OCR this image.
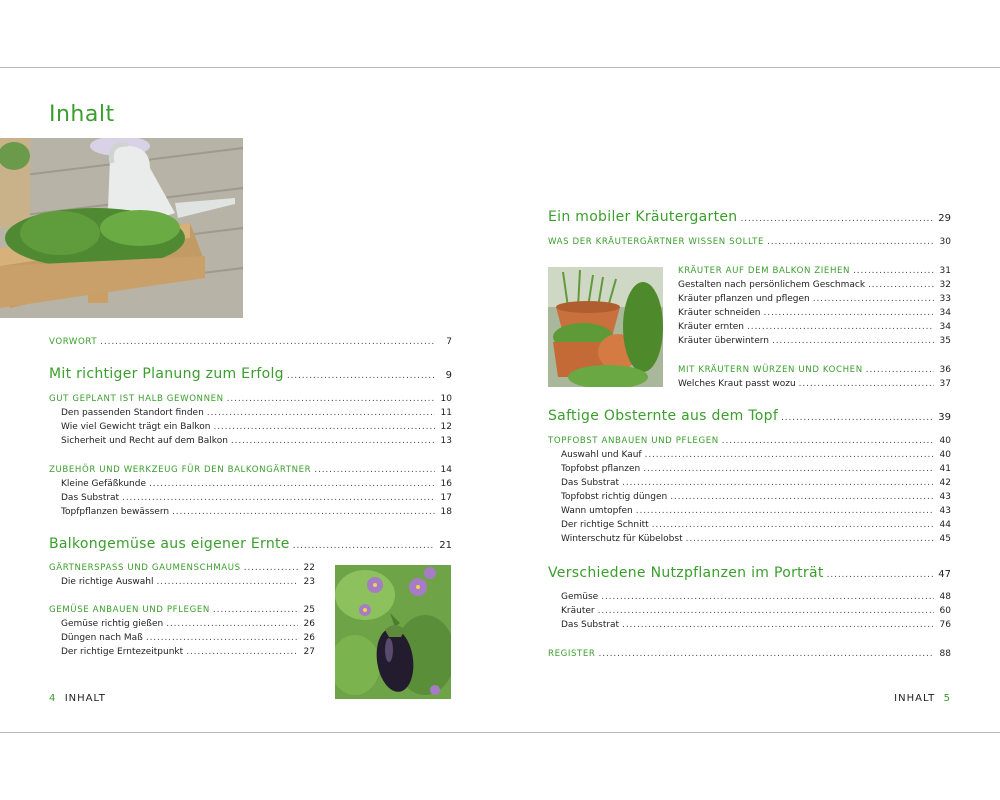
Inhalt
VORWORT . . .	7
Mit richtiger Planung zum Erfolg . . .	9
GUT GEPLANT IST HALB GEWONNEN . . .	10
Den passenden Standort finden . . .	11
Wie viel Gewicht trägt ein Balkon . . .	12
Sicherheit und Recht auf dem Balkon . . .	13
ZUBEHÖR UND WERKZEUG FÜR DEN BALKONGÄRTNER . . .	14
Kleine Gefäßkunde . . .	16
Das Substrat . . .	17
Topfpflanzen bewässern . . .	18
Balkongemüse aus eigener Ernte . . .	21
GÄRTNERSPASS UND GAUMENSCHMAUS . . .	22
Die richtige Auswahl . . .	23
GEMÜSE ANBAUEN UND PFLEGEN . . .	25
Gemüse richtig gießen . . .	26
Düngen nach Maß . . .	26
Der richtige Erntezeitpunkt . . .	27
4 INHALT
Ein mobiler Kräutergarten . . .	29
WAS DER KRÄUTERGÄRTNER WISSEN SOLLTE . . .	30
KRÄUTER AUF DEM BALKON ZIEHEN . . .	31
Gestalten nach persönlichem Geschmack . . .	32
Kräuter pflanzen und pflegen . . .	33
Kräuter schneiden . . .	34
Kräuter ernten . . .	34
Kräuter überwintern . . .	35
MIT KRÄUTERN WÜRZEN UND KOCHEN . . .	36
Welches Kraut passt wozu . . .	37
Saftige Obsternte aus dem Topf . . .	39
TOPFOBST ANBAUEN UND PFLEGEN . . .	40
Auswahl und Kauf . . .	40
Topfobst pflanzen . . .	41
Das Substrat . . .	42
Topfobst richtig düngen . . .	43
Wann umtopfen . . .	43
Der richtige Schnitt . . .	44
Winterschutz für Kübelobst . . .	45
Verschiedene Nutzpflanzen im Porträt . . .	47
Gemüse . . .	48
Kräuter . . .	60
Das Substrat . . .	76
REGISTER . . .	88
INHALT 5
